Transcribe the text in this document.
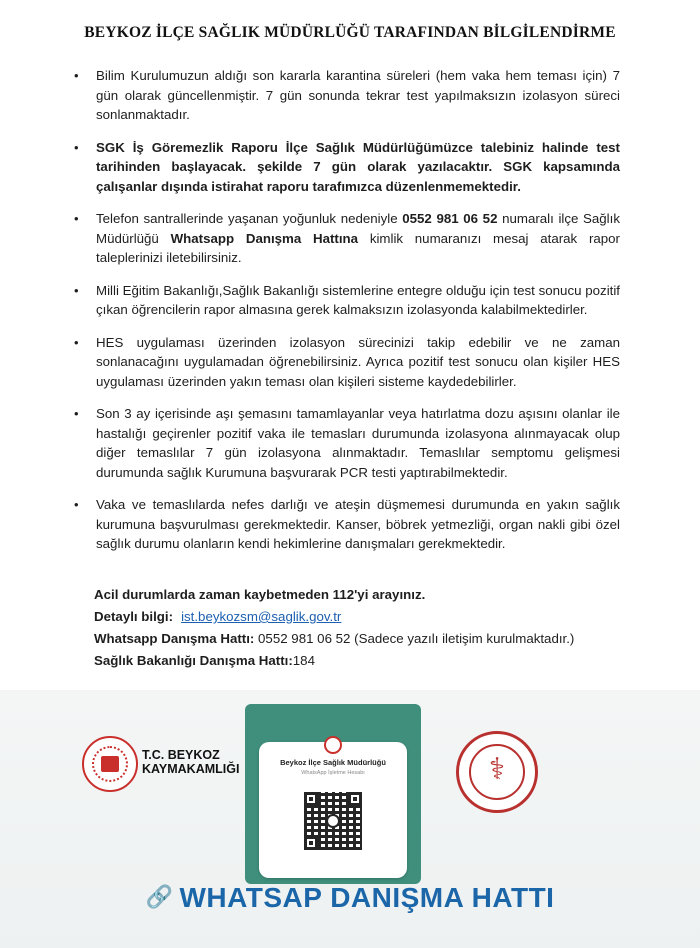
BEYKOZ İLÇE SAĞLIK MÜDÜRLÜĞÜ TARAFINDAN BİLGİLENDİRME
• Bilim Kurulumuzun aldığı son kararla karantina süreleri (hem vaka hem teması için) 7 gün olarak güncellenmiştir. 7 gün sonunda tekrar test yapılmaksızın izolasyon süreci sonlanmaktadır.
• SGK İş Göremezlik Raporu İlçe Sağlık Müdürlüğümüzce talebiniz halinde test tarihinden başlayacak. şekilde 7 gün olarak yazılacaktır. SGK kapsamında çalışanlar dışında istirahat raporu tarafımızca düzenlenmemektedir.
• Telefon santrallerinde yaşanan yoğunluk nedeniyle 0552 981 06 52 numaralı ilçe Sağlık Müdürlüğü Whatsapp Danışma Hattına kimlik numaranızı mesaj atarak rapor taleplerinizi iletebilirsiniz.
• Milli Eğitim Bakanlığı,Sağlık Bakanlığı sistemlerine entegre olduğu için test sonucu pozitif çıkan öğrencilerin rapor almasına gerek kalmaksızın izolasyonda kalabilmektedirler.
• HES uygulaması üzerinden izolasyon sürecinizi takip edebilir ve ne zaman sonlanacağını uygulamadan öğrenebilirsiniz. Ayrıca pozitif test sonucu olan kişiler HES uygulaması üzerinden yakın teması olan kişileri sisteme kaydedebilirler.
• Son 3 ay içerisinde aşı şemasını tamamlayanlar veya hatırlatma dozu aşısını olanlar ile hastalığı geçirenler pozitif vaka ile temasları durumunda izolasyona alınmayacak olup diğer temaslılar 7 gün izolasyona alınmaktadır. Temaslılar semptomu gelişmesi durumunda sağlık Kurumuna başvurarak PCR testi yaptırabilmektedir.
• Vaka ve temaslılarda nefes darlığı ve ateşin düşmemesi durumunda en yakın sağlık kurumuna başvurulması gerekmektedir. Kanser, böbrek yetmezliği, organ nakli gibi özel sağlık durumu olanların kendi hekimlerine danışmaları gerekmektedir.
Acil durumlarda zaman kaybetmeden 112'yi arayınız.
Detaylı bilgi: ist.beykozsm@saglik.gov.tr
Whatsapp Danışma Hattı: 0552 981 06 52 (Sadece yazılı iletişim kurulmaktadır.)
Sağlık Bakanlığı Danışma Hattı:184
T.C. BEYKOZ
KAYMAKAMLIĞI	Beykoz İlçe Sağlık Müdürlüğü
WhatsApp İşletme Hesabı	⚕
🔗 WHATSAP DANIŞMA HATTI
